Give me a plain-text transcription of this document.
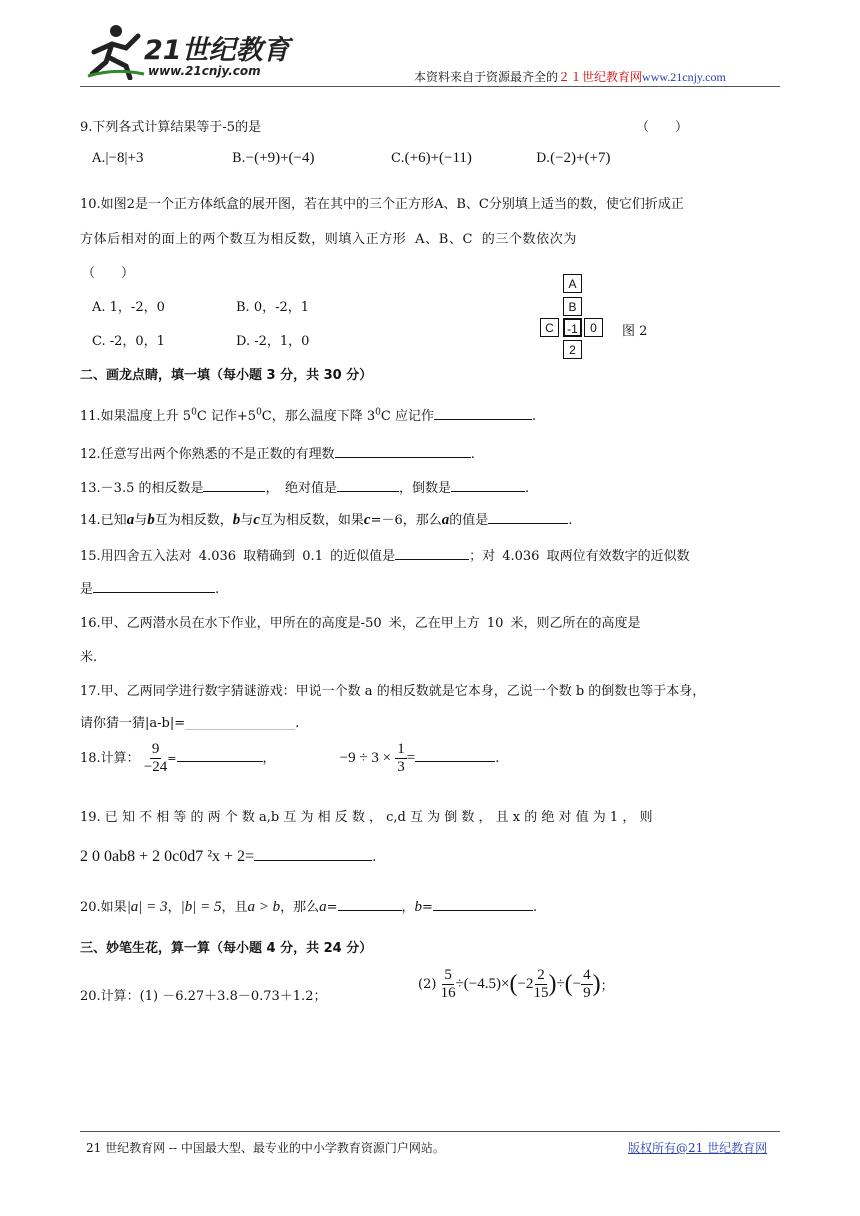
21世纪教育
www.21cnjy.com	本资料来自于资源最齐全的２１世纪教育网www.21cnjy.com
9.下列各式计算结果等于-5的是	（　　）
A.|−8|+3	B.−(+9)+(−4)	C.(+6)+(−11)	D.(−2)+(+7)
10.如图2是一个正方体纸盒的展开图，若在其中的三个正方形A、B、C分别填上适当的数，使它们折成正
方体后相对的面上的两个数互为相反数，则填入正方形 A、B、C 的三个数依次为
（　　）
A. 1，-2，0	B. 0，-2，1
C. -2，0，1	D. -2，1，0
A
B
C	-1	0
2
图 2
二、画龙点睛，填一填（每小题 3 分，共 30 分）
11.如果温度上升 $5^0C$ 记作$+5^0C$，那么温度下降 $3^0C$ 应记作	.
12.任意写出两个你熟悉的不是正数的有理数	.
13.－3.5 的相反数是	，　绝对值是	，倒数是	.
14.已知a与b互为相反数，b与c互为相反数，如果c=－6，那么a的值是	.
15.用四舍五入法对 4.036 取精确到 0.1 的近似值是	；对 4.036 取两位有效数字的近似数
是	.
16.甲、乙两潜水员在水下作业，甲所在的高度是-50 米，乙在甲上方 10 米，则乙所在的高度是
米.
17.甲、乙两同学进行数字猜谜游戏：甲说一个数 a 的相反数就是它本身，乙说一个数 b 的倒数也等于本身，
请你猜一猜|a-b|=____________________.
18.计算： $\frac{9}{-24}$ =	，	$-9 \div 3 \times \frac{1}{3}$ =	.
19. 已 知 不 相 等 的 两 个 数 a,b 互 为 相 反 数 ， c,d 互 为 倒 数 ， 且 x 的 绝 对 值 为 1 ， 则
2 0 0ab8 + 2 0c0d7 ²x + 2=	.
20.如果|a| = 3，|b| = 5，且a > b，那么a=	，b=	.
三、妙笔生花，算一算（每小题 4 分，共 24 分）
20.计算：(1) －6.27＋3.8－0.73＋1.2；
$(2) \frac{5}{16} \div(-4.5)\times(-2 \frac{2}{15}$ )÷(− $\frac{4}{9}$ )；
21 世纪教育网 -- 中国最大型、最专业的中小学教育资源门户网站。	版权所有@21 世纪教育网
